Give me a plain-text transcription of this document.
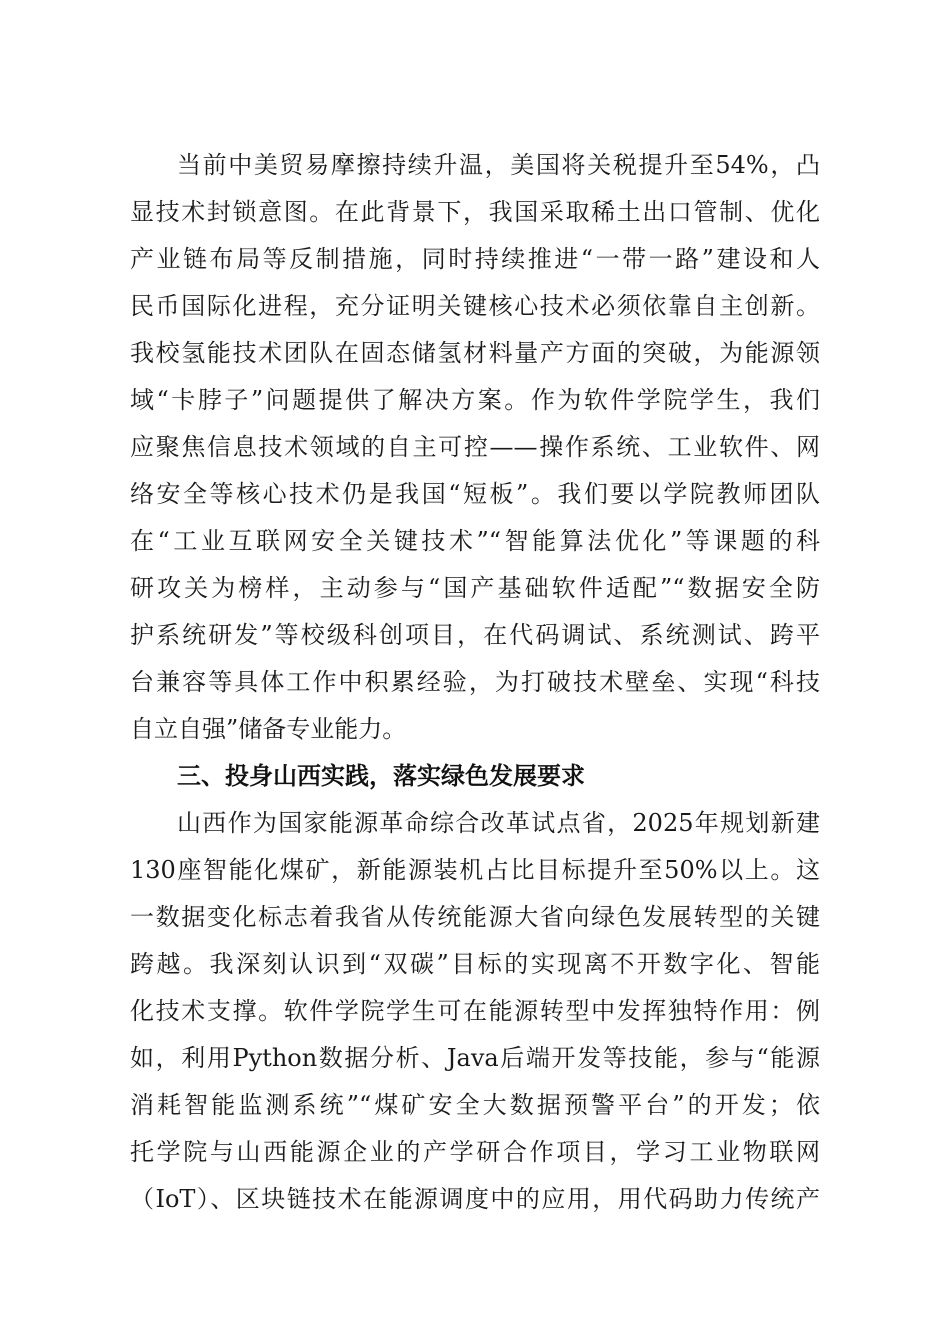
当前中美贸易摩擦持续升温，美国将关税提升至54%，凸
显技术封锁意图。在此背景下，我国采取稀土出口管制、优化
产业链布局等反制措施，同时持续推进“一带一路”建设和人
民币国际化进程，充分证明关键核心技术必须依靠自主创新。
我校氢能技术团队在固态储氢材料量产方面的突破，为能源领
域“卡脖子”问题提供了解决方案。作为软件学院学生，我们
应聚焦信息技术领域的自主可控——操作系统、工业软件、网
络安全等核心技术仍是我国“短板”。我们要以学院教师团队
在“工业互联网安全关键技术”“智能算法优化”等课题的科
研攻关为榜样，主动参与“国产基础软件适配”“数据安全防
护系统研发”等校级科创项目，在代码调试、系统测试、跨平
台兼容等具体工作中积累经验，为打破技术壁垒、实现“科技
自立自强”储备专业能力。
三、投身山西实践，落实绿色发展要求
山西作为国家能源革命综合改革试点省，2025年规划新建
130座智能化煤矿，新能源装机占比目标提升至50%以上。这
一数据变化标志着我省从传统能源大省向绿色发展转型的关键
跨越。我深刻认识到“双碳”目标的实现离不开数字化、智能
化技术支撑。软件学院学生可在能源转型中发挥独特作用：例
如，利用Python数据分析、Java后端开发等技能，参与“能源
消耗智能监测系统”“煤矿安全大数据预警平台”的开发；依
托学院与山西能源企业的产学研合作项目，学习工业物联网
（IoT）、区块链技术在能源调度中的应用，用代码助力传统产
